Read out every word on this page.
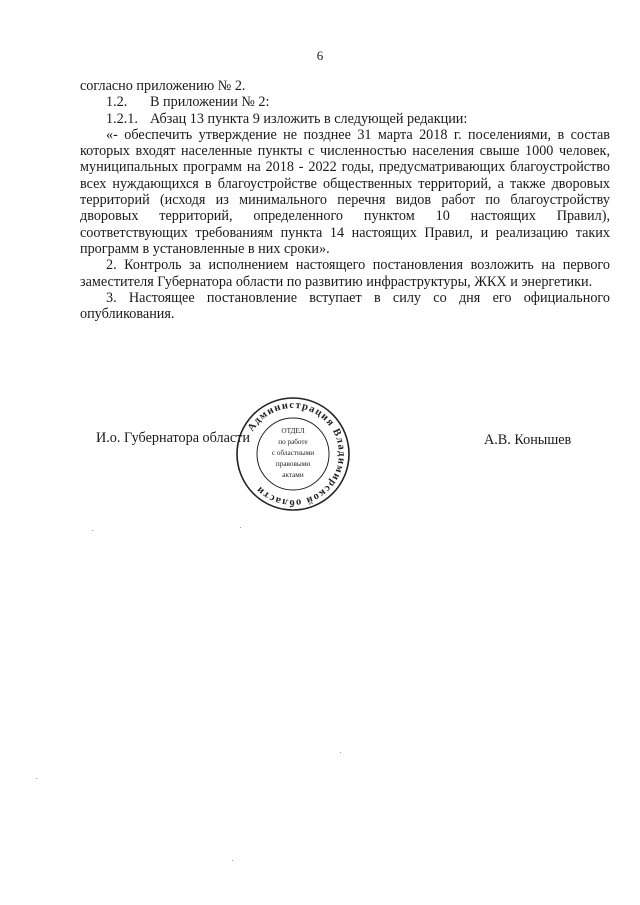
6

согласно приложению № 2.

1.2. В приложении № 2:

1.2.1. Абзац 13 пункта 9 изложить в следующей редакции:

«- обеспечить утверждение не позднее 31 марта 2018 г. поселениями, в состав которых входят населенные пункты с численностью населения свыше 1000 человек, муниципальных программ на 2018 - 2022 годы, предусматривающих благоустройство всех нуждающихся в благоустройстве общественных территорий, а также дворовых территорий (исходя из минимального перечня видов работ по благоустройству дворовых территорий, определенного пунктом 10 настоящих Правил), соответствующих требованиям пункта 14 настоящих Правил, и реализацию таких программ в установленные в них сроки».

2. Контроль за исполнением настоящего постановления возложить на первого заместителя Губернатора области по развитию инфраструктуры, ЖКХ и энергетики.

3. Настоящее постановление вступает в силу со дня его официального опубликования.

И.о. Губернатора области	А.В. Конышев
Администрация Владимирской области
ОТДЕЛ
по работе
с областными
правовыми
актами
